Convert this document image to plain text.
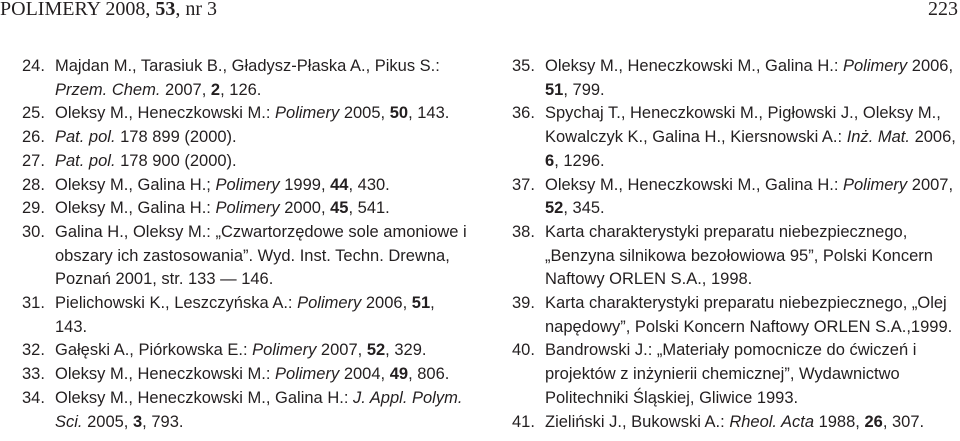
POLIMERY 2008, 53, nr 3	223
24. Majdan M., Tarasiuk B., Gładysz-Płaska A., Pikus S.: Przem. Chem. 2007, 2, 126.
25. Oleksy M., Heneczkowski M.: Polimery 2005, 50, 143.
26. Pat. pol. 178 899 (2000).
27. Pat. pol. 178 900 (2000).
28. Oleksy M., Galina H.; Polimery 1999, 44, 430.
29. Oleksy M., Galina H.: Polimery 2000, 45, 541.
30. Galina H., Oleksy M.: „Czwartorzędowe sole amoniowe i obszary ich zastosowania”. Wyd. Inst. Techn. Drewna, Poznań 2001, str. 133 — 146.
31. Pielichowski K., Leszczyńska A.: Polimery 2006, 51, 143.
32. Gałęski A., Piórkowska E.: Polimery 2007, 52, 329.
33. Oleksy M., Heneczkowski M.: Polimery 2004, 49, 806.
34. Oleksy M., Heneczkowski M., Galina H.: J. Appl. Polym. Sci. 2005, 3, 793.
35. Oleksy M., Heneczkowski M., Galina H.: Polimery 2006, 51, 799.
36. Spychaj T., Heneczkowski M., Pigłowski J., Oleksy M., Kowalczyk K., Galina H., Kiersnowski A.: Inż. Mat. 2006, 6, 1296.
37. Oleksy M., Heneczkowski M., Galina H.: Polimery 2007, 52, 345.
38. Karta charakterystyki preparatu niebezpiecznego, „Benzyna silnikowa bezołowiowa 95”, Polski Koncern Naftowy ORLEN S.A., 1998.
39. Karta charakterystyki preparatu niebezpiecznego, „Olej napędowy”, Polski Koncern Naftowy ORLEN S.A.,1999.
40. Bandrowski J.: „Materiały pomocnicze do ćwiczeń i projektów z inżynierii chemicznej”, Wydawnictwo Politechniki Śląskiej, Gliwice 1993.
41. Zieliński J., Bukowski A.: Rheol. Acta 1988, 26, 307.
